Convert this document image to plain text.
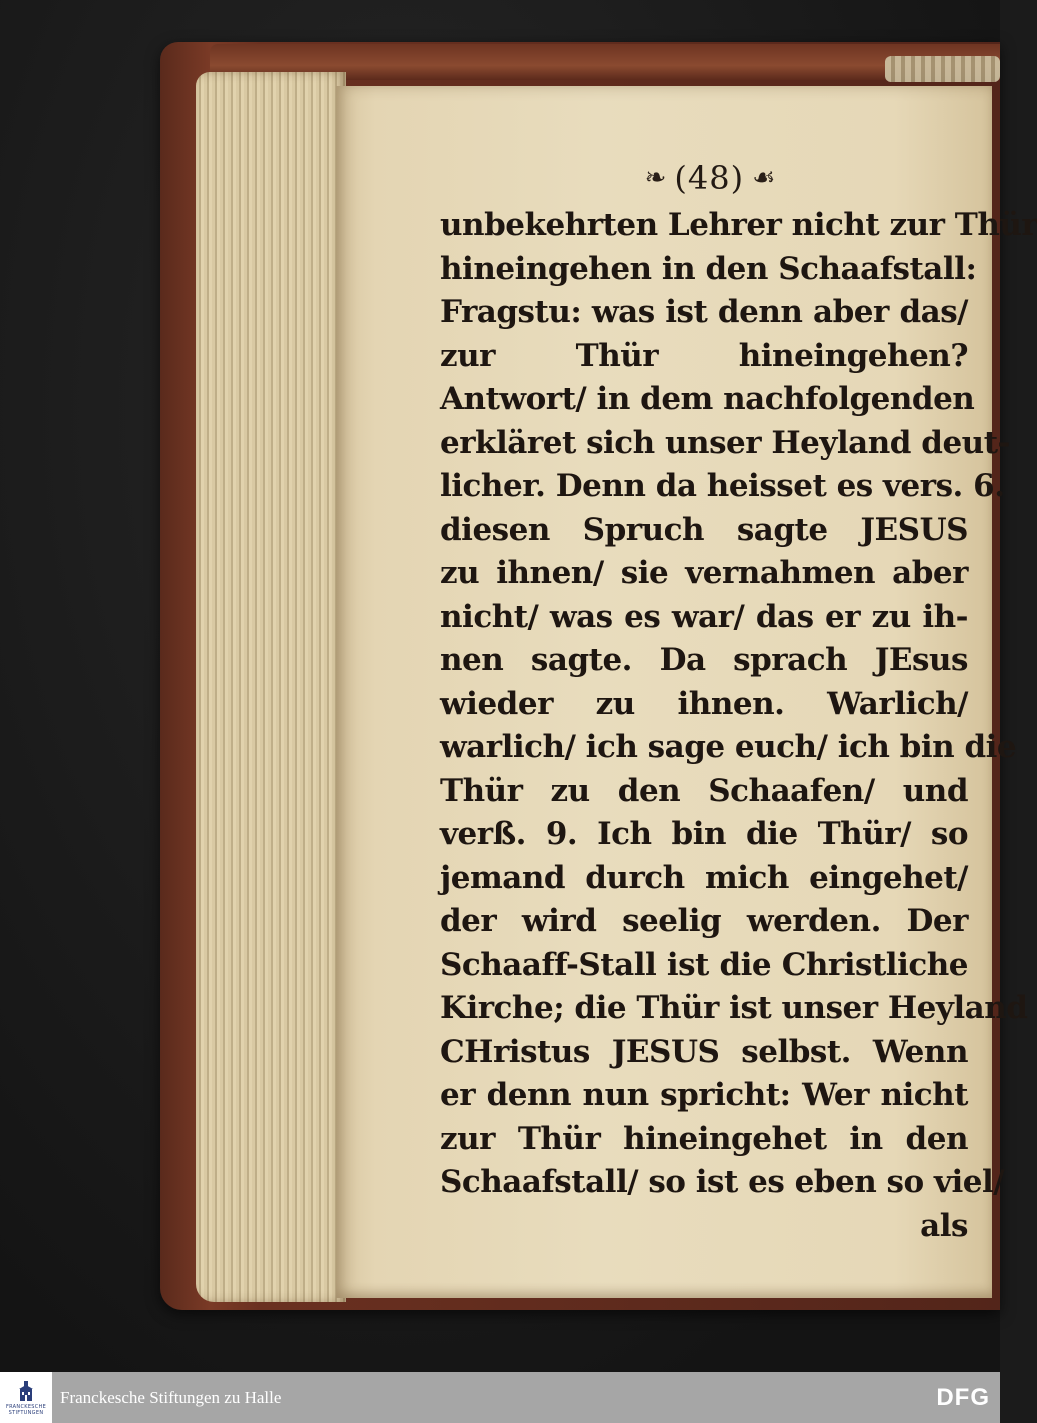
❧ (48) ☙
unbekehrten Lehrer nicht zur Thür
hineingehen in den Schaafstall:
Fragstu: was ist denn aber das/
zur Thür hineingehen?
Antwort/ in dem nachfolgenden
erkläret sich unser Heyland deut-
licher. Denn da heisset es vers. 6.
diesen Spruch sagte JESUS
zu ihnen/ sie vernahmen aber
nicht/ was es war/ das er zu ih-
nen sagte. Da sprach JEsus
wieder zu ihnen. Warlich/
warlich/ ich sage euch/ ich bin die
Thür zu den Schaafen/ und
verß. 9. Ich bin die Thür/ so
jemand durch mich eingehet/
der wird seelig werden. Der
Schaaff-Stall ist die Christliche
Kirche; die Thür ist unser Heyland
CHristus JESUS selbst. Wenn
er denn nun spricht: Wer nicht
zur Thür hineingehet in den
Schaafstall/ so ist es eben so viel/
als
FRANCKESCHE
STIFTUNGEN
Franckesche Stiftungen zu Halle	DFG
